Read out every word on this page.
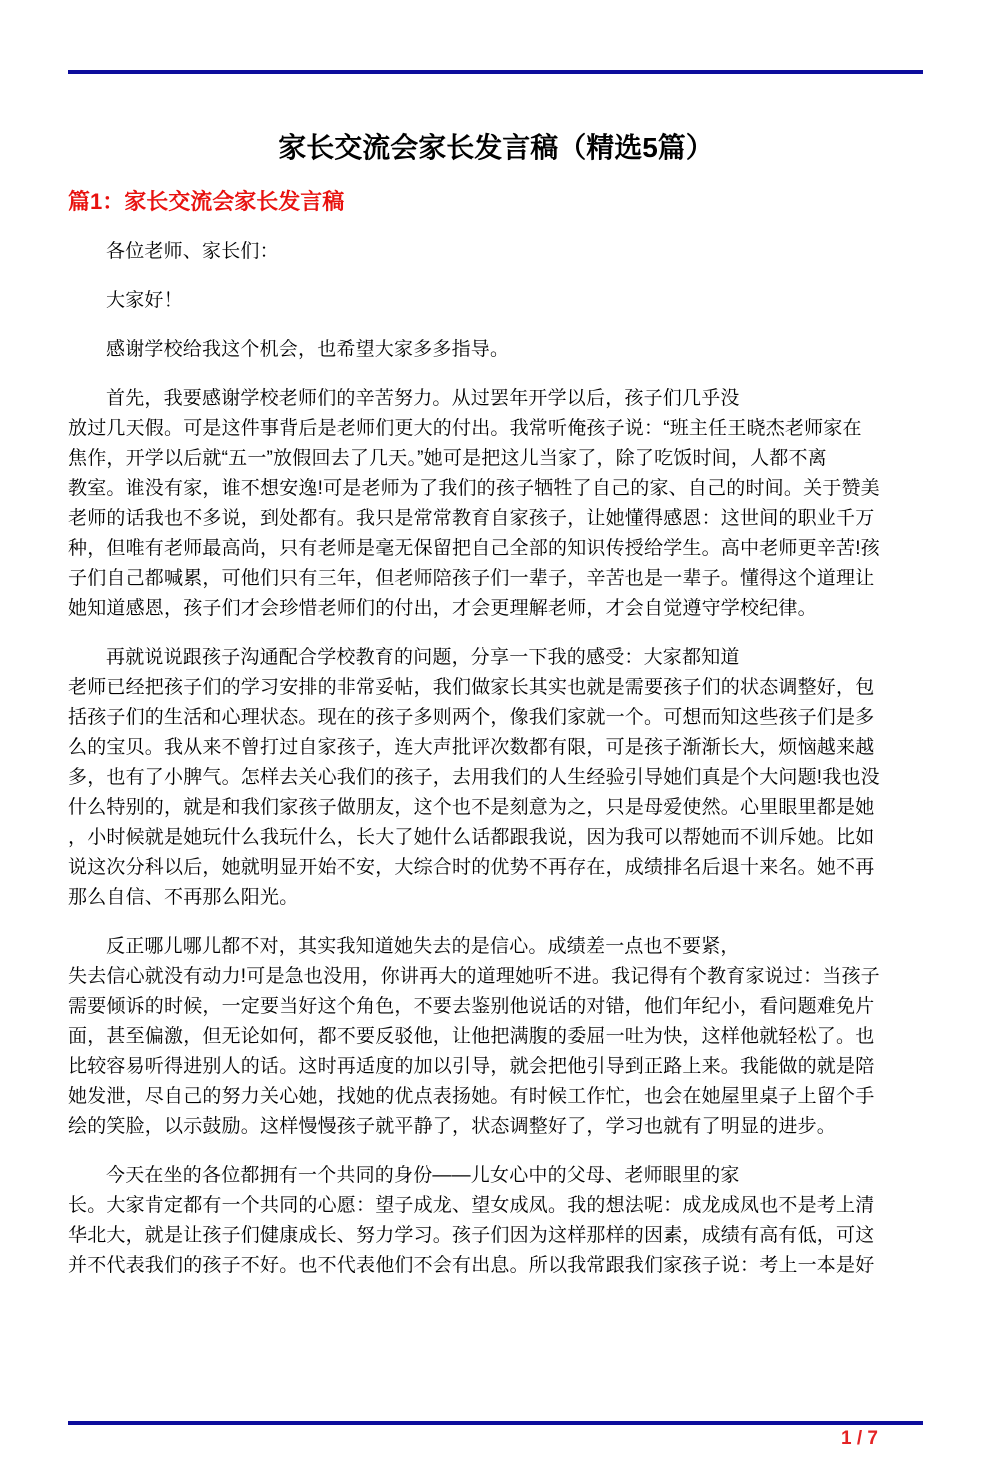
家长交流会家长发言稿（精选5篇）
篇1：家长交流会家长发言稿
各位老师、家长们：
大家好！
感谢学校给我这个机会，也希望大家多多指导。
首先，我要感谢学校老师们的辛苦努力。从过罢年开学以后，孩子们几乎没
放过几天假。可是这件事背后是老师们更大的付出。我常听俺孩子说：“班主任王晓杰老师家在
焦作，开学以后就“五一”放假回去了几天。”她可是把这儿当家了，除了吃饭时间，人都不离
教室。谁没有家，谁不想安逸!可是老师为了我们的孩子牺牲了自己的家、自己的时间。关于赞美
老师的话我也不多说，到处都有。我只是常常教育自家孩子，让她懂得感恩：这世间的职业千万
种，但唯有老师最高尚，只有老师是毫无保留把自己全部的知识传授给学生。高中老师更辛苦!孩
子们自己都喊累，可他们只有三年，但老师陪孩子们一辈子，辛苦也是一辈子。懂得这个道理让
她知道感恩，孩子们才会珍惜老师们的付出，才会更理解老师，才会自觉遵守学校纪律。
再就说说跟孩子沟通配合学校教育的问题，分享一下我的感受：大家都知道
老师已经把孩子们的学习安排的非常妥帖，我们做家长其实也就是需要孩子们的状态调整好，包
括孩子们的生活和心理状态。现在的孩子多则两个，像我们家就一个。可想而知这些孩子们是多
么的宝贝。我从来不曾打过自家孩子，连大声批评次数都有限，可是孩子渐渐长大，烦恼越来越
多，也有了小脾气。怎样去关心我们的孩子，去用我们的人生经验引导她们真是个大问题!我也没
什么特别的，就是和我们家孩子做朋友，这个也不是刻意为之，只是母爱使然。心里眼里都是她
，小时候就是她玩什么我玩什么，长大了她什么话都跟我说，因为我可以帮她而不训斥她。比如
说这次分科以后，她就明显开始不安，大综合时的优势不再存在，成绩排名后退十来名。她不再
那么自信、不再那么阳光。
反正哪儿哪儿都不对，其实我知道她失去的是信心。成绩差一点也不要紧，
失去信心就没有动力!可是急也没用，你讲再大的道理她听不进。我记得有个教育家说过：当孩子
需要倾诉的时候，一定要当好这个角色，不要去鉴别他说话的对错，他们年纪小，看问题难免片
面，甚至偏激，但无论如何，都不要反驳他，让他把满腹的委屈一吐为快，这样他就轻松了。也
比较容易听得进别人的话。这时再适度的加以引导，就会把他引导到正路上来。我能做的就是陪
她发泄，尽自己的努力关心她，找她的优点表扬她。有时候工作忙，也会在她屋里桌子上留个手
绘的笑脸，以示鼓励。这样慢慢孩子就平静了，状态调整好了，学习也就有了明显的进步。
今天在坐的各位都拥有一个共同的身份——儿女心中的父母、老师眼里的家
长。大家肯定都有一个共同的心愿：望子成龙、望女成凤。我的想法呢：成龙成凤也不是考上清
华北大，就是让孩子们健康成长、努力学习。孩子们因为这样那样的因素，成绩有高有低，可这
并不代表我们的孩子不好。也不代表他们不会有出息。所以我常跟我们家孩子说：考上一本是好
1 / 7
